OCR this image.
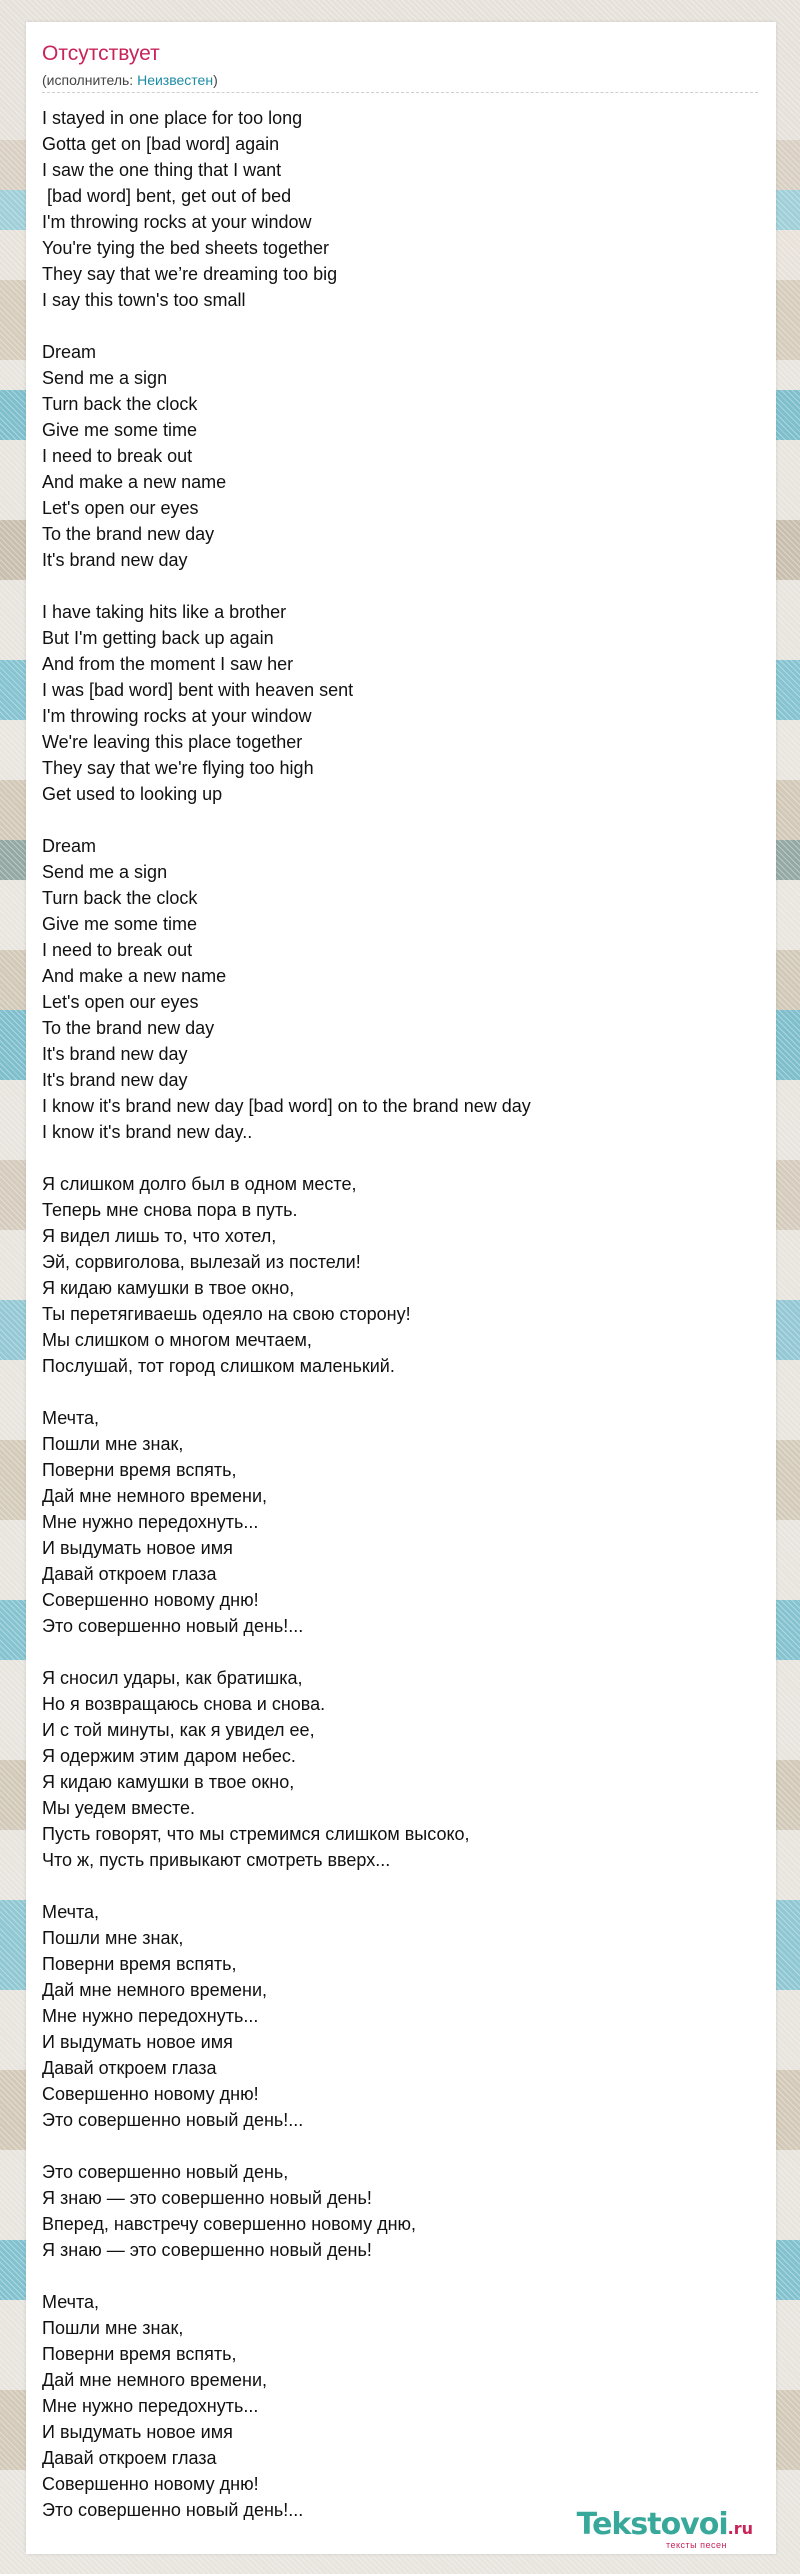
Отсутствует
(исполнитель: Неизвестен)
I stayed in one place for too long
Gotta get on [bad word] again
I saw the one thing that I want
[bad word] bent, get out of bed
I'm throwing rocks at your window
You're tying the bed sheets together
They say that we’re dreaming too big
I say this town's too small
Dream
Send me a sign
Turn back the clock
Give me some time
I need to break out
And make a new name
Let's open our eyes
To the brand new day
It's brand new day
I have taking hits like a brother
But I'm getting back up again
And from the moment I saw her
I was [bad word] bent with heaven sent
I'm throwing rocks at your window
We're leaving this place together
They say that we're flying too high
Get used to looking up
Dream
Send me a sign
Turn back the clock
Give me some time
I need to break out
And make a new name
Let's open our eyes
To the brand new day
It's brand new day
It's brand new day
I know it's brand new day [bad word] on to the brand new day
I know it's brand new day..
Я слишком долго был в одном месте,
Теперь мне снова пора в путь.
Я видел лишь то, что хотел,
Эй, сорвиголова, вылезай из постели!
Я кидаю камушки в твое окно,
Ты перетягиваешь одеяло на свою сторону!
Мы слишком о многом мечтаем,
Послушай, тот город слишком маленький.
Мечта,
Пошли мне знак,
Поверни время вспять,
Дай мне немного времени,
Мне нужно передохнуть...
И выдумать новое имя
Давай откроем глаза
Совершенно новому дню!
Это совершенно новый день!...
Я сносил удары, как братишка,
Но я возвращаюсь снова и снова.
И с той минуты, как я увидел ее,
Я одержим этим даром небес.
Я кидаю камушки в твое окно,
Мы уедем вместе.
Пусть говорят, что мы стремимся слишком высоко,
Что ж, пусть привыкают смотреть вверх...
Мечта,
Пошли мне знак,
Поверни время вспять,
Дай мне немного времени,
Мне нужно передохнуть...
И выдумать новое имя
Давай откроем глаза
Совершенно новому дню!
Это совершенно новый день!...
Это совершенно новый день,
Я знаю — это совершенно новый день!
Вперед, навстречу совершенно новому дню,
Я знаю — это совершенно новый день!
Мечта,
Пошли мне знак,
Поверни время вспять,
Дай мне немного времени,
Мне нужно передохнуть...
И выдумать новое имя
Давай откроем глаза
Совершенно новому дню!
Это совершенно новый день!...	Tekstovoi.ru
тексты песен
